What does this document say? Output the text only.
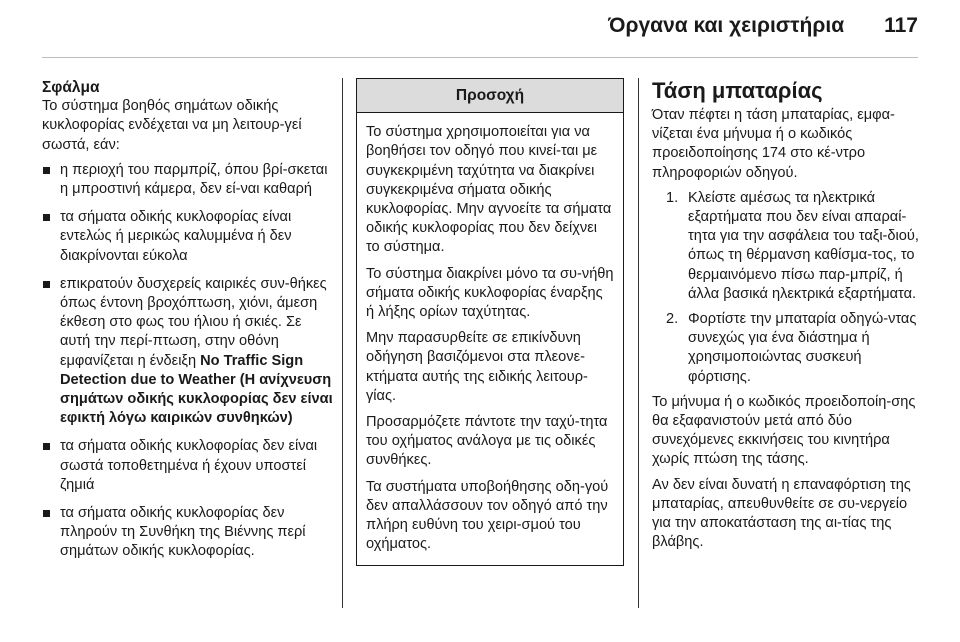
Όργανα και χειριστήρια 117
Σφάλμα

Το σύστημα βοηθός σημάτων οδικής κυκλοφορίας ενδέχεται να μη λειτουρ-γεί σωστά, εάν:

η περιοχή του παρμπρίζ, όπου βρί-σκεται η μπροστινή κάμερα, δεν εί-ναι καθαρή
τα σήματα οδικής κυκλοφορίας είναι εντελώς ή μερικώς καλυμμένα ή δεν διακρίνονται εύκολα
επικρατούν δυσχερείς καιρικές συν-θήκες όπως έντονη βροχόπτωση, χιόνι, άμεση έκθεση στο φως του ήλιου ή σκιές. Σε αυτή την περί-πτωση, στην οθόνη εμφανίζεται η ένδειξη No Traffic Sign Detection due to Weather (Η ανίχνευση σημάτων οδικής κυκλοφορίας δεν είναι εφικτή λόγω καιρικών συνθηκών)
τα σήματα οδικής κυκλοφορίας δεν είναι σωστά τοποθετημένα ή έχουν υποστεί ζημιά
τα σήματα οδικής κυκλοφορίας δεν πληρούν τη Συνθήκη της Βιέννης περί σημάτων οδικής κυκλοφορίας.
Προσοχή

Το σύστημα χρησιμοποιείται για να βοηθήσει τον οδηγό που κινεί-ται με συγκεκριμένη ταχύτητα να διακρίνει συγκεκριμένα σήματα οδικής κυκλοφορίας. Μην αγνοείτε τα σήματα οδικής κυκλοφορίας που δεν δείχνει το σύστημα.

Το σύστημα διακρίνει μόνο τα συ-νήθη σήματα οδικής κυκλοφορίας έναρξης ή λήξης ορίων ταχύτητας.

Μην παρασυρθείτε σε επικίνδυνη οδήγηση βασιζόμενοι στα πλεονε-κτήματα αυτής της ειδικής λειτουρ-γίας.

Προσαρμόζετε πάντοτε την ταχύ-τητα του οχήματος ανάλογα με τις οδικές συνθήκες.

Τα συστήματα υποβοήθησης οδη-γού δεν απαλλάσσουν τον οδηγό από την πλήρη ευθύνη του χειρι-σμού του οχήματος.

Τάση μπαταρίας

Όταν πέφτει η τάση μπαταρίας, εμφα-νίζεται ένα μήνυμα ή ο κωδικός προειδοποίησης 174 στο κέ-ντρο πληροφοριών οδηγού.

1. Κλείστε αμέσως τα ηλεκτρικά εξαρτήματα που δεν είναι απαραί-τητα για την ασφάλεια του ταξι-διού, όπως τη θέρμανση καθίσμα-τος, το θερμαινόμενο πίσω παρ-μπρίζ, ή άλλα βασικά ηλεκτρικά εξαρτήματα.
2. Φορτίστε την μπαταρία οδηγώ-ντας συνεχώς για ένα διάστημα ή χρησιμοποιώντας συσκευή φόρτισης.

Το μήνυμα ή ο κωδικός προειδοποίη-σης θα εξαφανιστούν μετά από δύο συνεχόμενες εκκινήσεις του κινητήρα χωρίς πτώση της τάσης.

Αν δεν είναι δυνατή η επαναφόρτιση της μπαταρίας, απευθυνθείτε σε συ-νεργείο για την αποκατάσταση της αι-τίας της βλάβης.
